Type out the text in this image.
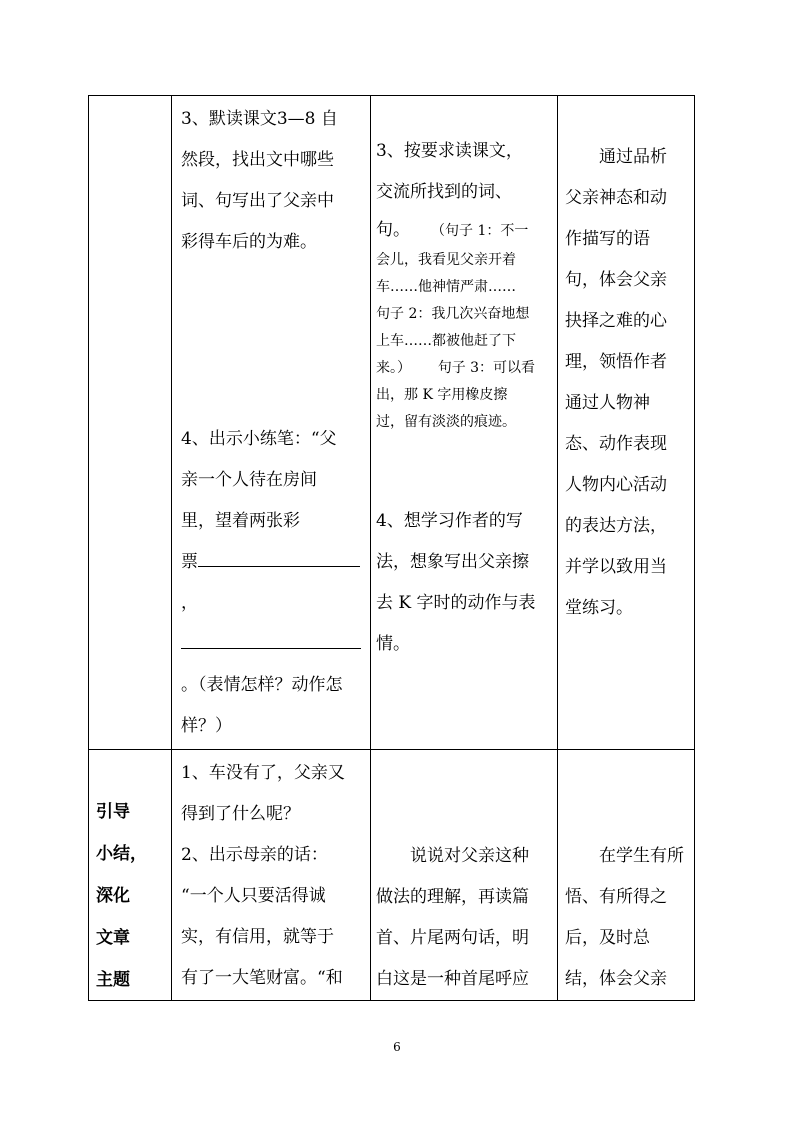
3、默读课文3—8 自

然段，找出文中哪些

词、句写出了父亲中

彩得车后的为难。

4、出示小练笔：“父

亲一个人待在房间

里，望着两张彩

票

，

。（表情怎样？动作怎

样？）

3、按要求读课文，

交流所找到的词、

句。 （句子 1：不一

会儿，我看见父亲开着

车……他神情严肃……

句子 2：我几次兴奋地想

上车……都被他赶了下

来。）      句子 3：可以看

出，那 K 字用橡皮擦

过，留有淡淡的痕迹。

4、想学习作者的写

法，想象写出父亲擦

去 K 字时的动作与表

情。

通过品析

父亲神态和动

作描写的语

句，体会父亲

抉择之难的心

理，领悟作者

通过人物神

态、动作表现

人物内心活动

的表达方法，

并学以致用当

堂练习。

引导

小结，

深化

文章

主题

1、车没有了，父亲又

得到了什么呢？

2、出示母亲的话：

“一个人只要活得诚

实，有信用，就等于

有了一大笔财富。“和

说说对父亲这种

做法的理解，再读篇

首、片尾两句话，明

白这是一种首尾呼应

在学生有所

悟、有所得之

后，及时总

结，体会父亲

6
